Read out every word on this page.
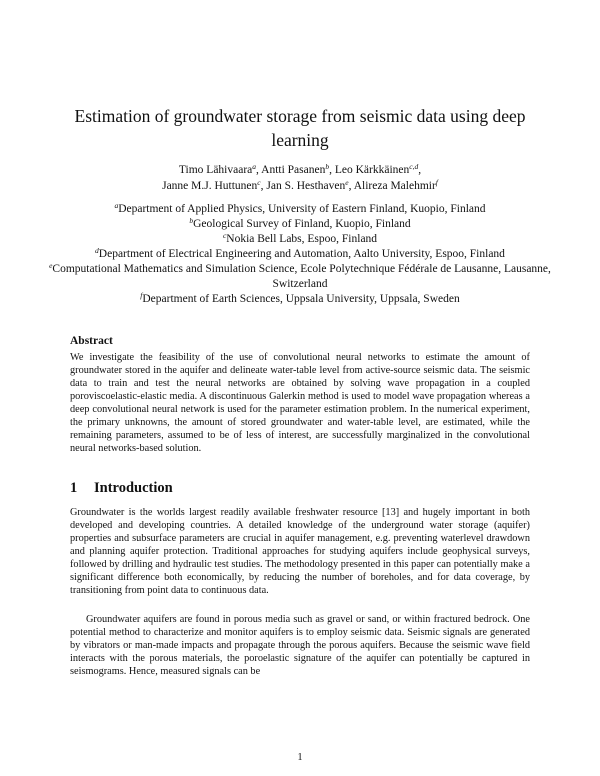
Estimation of groundwater storage from seismic data using deep learning
Timo Lähivaara$^a$, Antti Pasanen$^b$, Leo Kärkkäinen$^{c,d}$,
Janne M.J. Huttunen$^c$, Jan S. Hesthaven$^e$, Alireza Malehmir$^f$

$^a$Department of Applied Physics, University of Eastern Finland, Kuopio, Finland

$^b$Geological Survey of Finland, Kuopio, Finland

$^c$Nokia Bell Labs, Espoo, Finland

$^d$Department of Electrical Engineering and Automation, Aalto University, Espoo, Finland

$^e$Computational Mathematics and Simulation Science, Ecole Polytechnique Fédérale de Lausanne, Lausanne, Switzerland

$^f$Department of Earth Sciences, Uppsala University, Uppsala, Sweden

Abstract

We investigate the feasibility of the use of convolutional neural networks to estimate the amount of groundwater stored in the aquifer and delineate water-table level from active-source seismic data. The seismic data to train and test the neural networks are obtained by solving wave propagation in a coupled poroviscoelastic-elastic media. A discontinuous Galerkin method is used to model wave propagation whereas a deep convolutional neural network is used for the parameter estimation problem. In the numerical experiment, the primary unknowns, the amount of stored groundwater and water-table level, are estimated, while the remaining parameters, assumed to be of less of interest, are successfully marginalized in the convolutional neural networks-based solution.

1 Introduction

Groundwater is the worlds largest readily available freshwater resource [13] and hugely important in both developed and developing countries. A detailed knowledge of the underground water storage (aquifer) properties and subsurface parameters are crucial in aquifer management, e.g. preventing waterlevel drawdown and planning aquifer protection. Traditional approaches for studying aquifers include geophysical surveys, followed by drilling and hydraulic test studies. The methodology presented in this paper can potentially make a significant difference both economically, by reducing the number of boreholes, and for data coverage, by transitioning from point data to continuous data.

Groundwater aquifers are found in porous media such as gravel or sand, or within fractured bedrock. One potential method to characterize and monitor aquifers is to employ seismic data. Seismic signals are generated by vibrators or man-made impacts and propagate through the porous aquifers. Because the seismic wave field interacts with the porous materials, the poroelastic signature of the aquifer can potentially be captured in seismograms. Hence, measured signals can be

1
